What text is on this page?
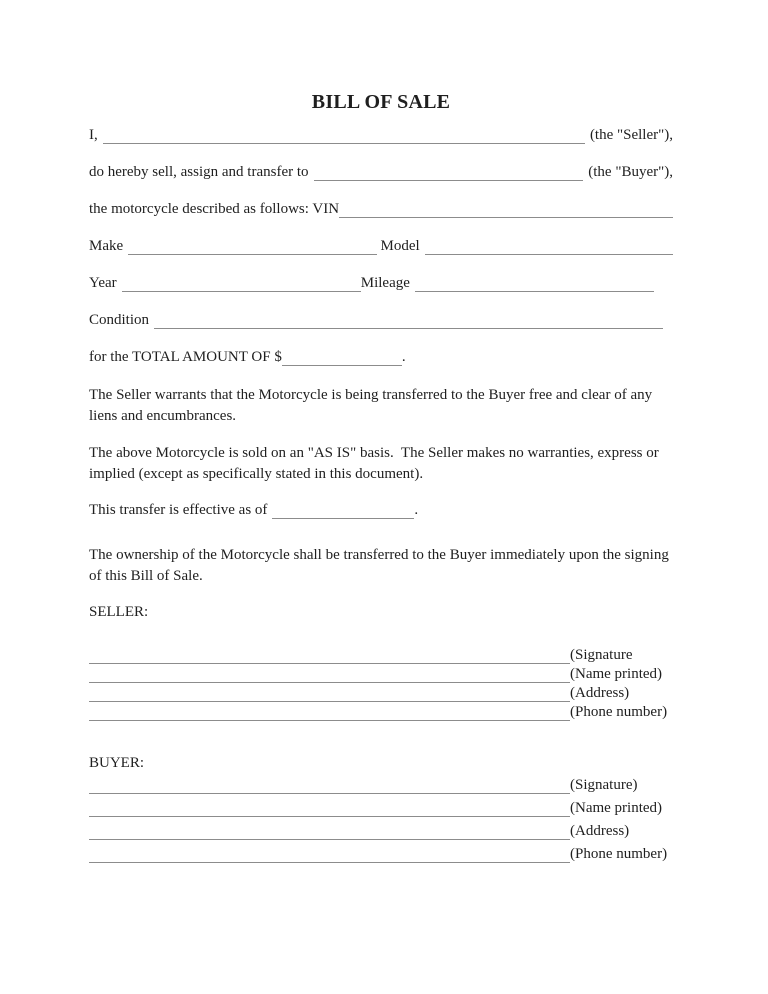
BILL OF SALE
I,	(the "Seller"),
do hereby sell, assign and transfer to	(the "Buyer"),
the motorcycle described as follows: VIN
Make	Model
Year	Mileage
Condition
for the TOTAL AMOUNT OF $	.
The Seller warrants that the Motorcycle is being transferred to the Buyer free and clear of any liens and encumbrances.
The above Motorcycle is sold on an "AS IS" basis.  The Seller makes no warranties, express or implied (except as specifically stated in this document).
This transfer is effective as of	.
The ownership of the Motorcycle shall be transferred to the Buyer immediately upon the signing of this Bill of Sale.
SELLER:
(Signature
(Name printed)
(Address)
(Phone number)
BUYER:
(Signature)
(Name printed)
(Address)
(Phone number)
